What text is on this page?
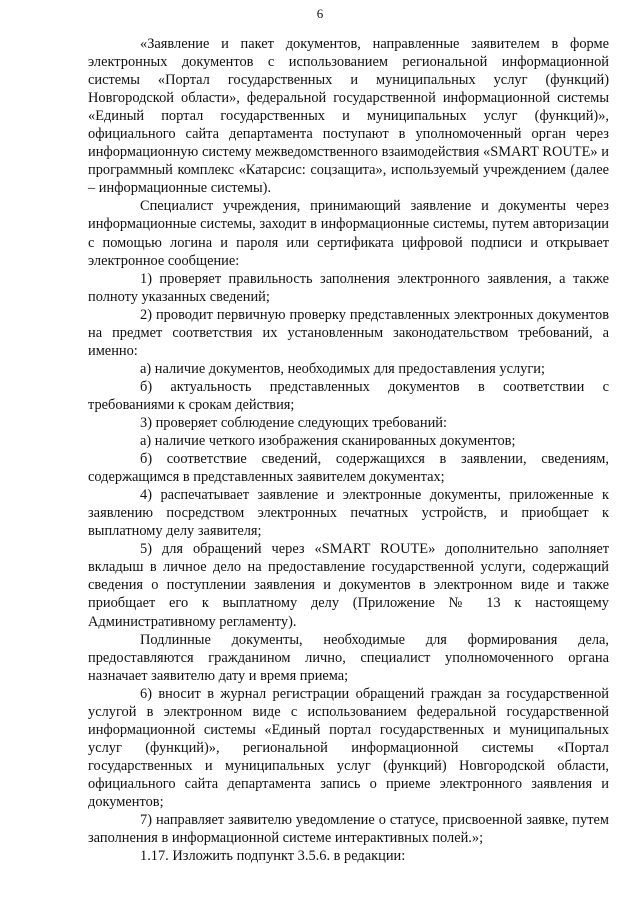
6

«Заявление и пакет документов, направленные заявителем в форме электронных документов с использованием региональной информационной системы «Портал государственных и муниципальных услуг (функций) Новгородской области», федеральной государственной информационной системы «Единый портал государственных и муниципальных услуг (функций)», официального сайта департамента поступают в уполномоченный орган через информационную систему межведомственного взаимодействия «SMART ROUTE» и программный комплекс «Катарсис: соцзащита», используемый учреждением (далее – информационные системы).

Специалист учреждения, принимающий заявление и документы через информационные системы, заходит в информационные системы, путем авторизации с помощью логина и пароля или сертификата цифровой подписи и открывает электронное сообщение:

1) проверяет правильность заполнения электронного заявления, а также полноту указанных сведений;

2) проводит первичную проверку представленных электронных документов на предмет соответствия их установленным законодательством требований, а именно:

а) наличие документов, необходимых для предоставления услуги;

б) актуальность представленных документов в соответствии с требованиями к срокам действия;

3) проверяет соблюдение следующих требований:

а) наличие четкого изображения сканированных документов;

б) соответствие сведений, содержащихся в заявлении, сведениям, содержащимся в представленных заявителем документах;

4) распечатывает заявление и электронные документы, приложенные к заявлению посредством электронных печатных устройств, и приобщает к выплатному делу заявителя;

5) для обращений через «SMART ROUTE» дополнительно заполняет вкладыш в личное дело на предоставление государственной услуги, содержащий сведения о поступлении заявления и документов в электронном виде и также приобщает его к выплатному делу (Приложение № 13 к настоящему Административному регламенту).

Подлинные документы, необходимые для формирования дела, предоставляются гражданином лично, специалист уполномоченного органа назначает заявителю дату и время приема;

6) вносит в журнал регистрации обращений граждан за государственной услугой в электронном виде с использованием федеральной государственной информационной системы «Единый портал государственных и муниципальных услуг (функций)», региональной информационной системы «Портал государственных и муниципальных услуг (функций) Новгородской области, официального сайта департамента запись о приеме электронного заявления и документов;

7) направляет заявителю уведомление о статусе, присвоенной заявке, путем заполнения в информационной системе интерактивных полей.»;

1.17. Изложить подпункт 3.5.6. в редакции:
